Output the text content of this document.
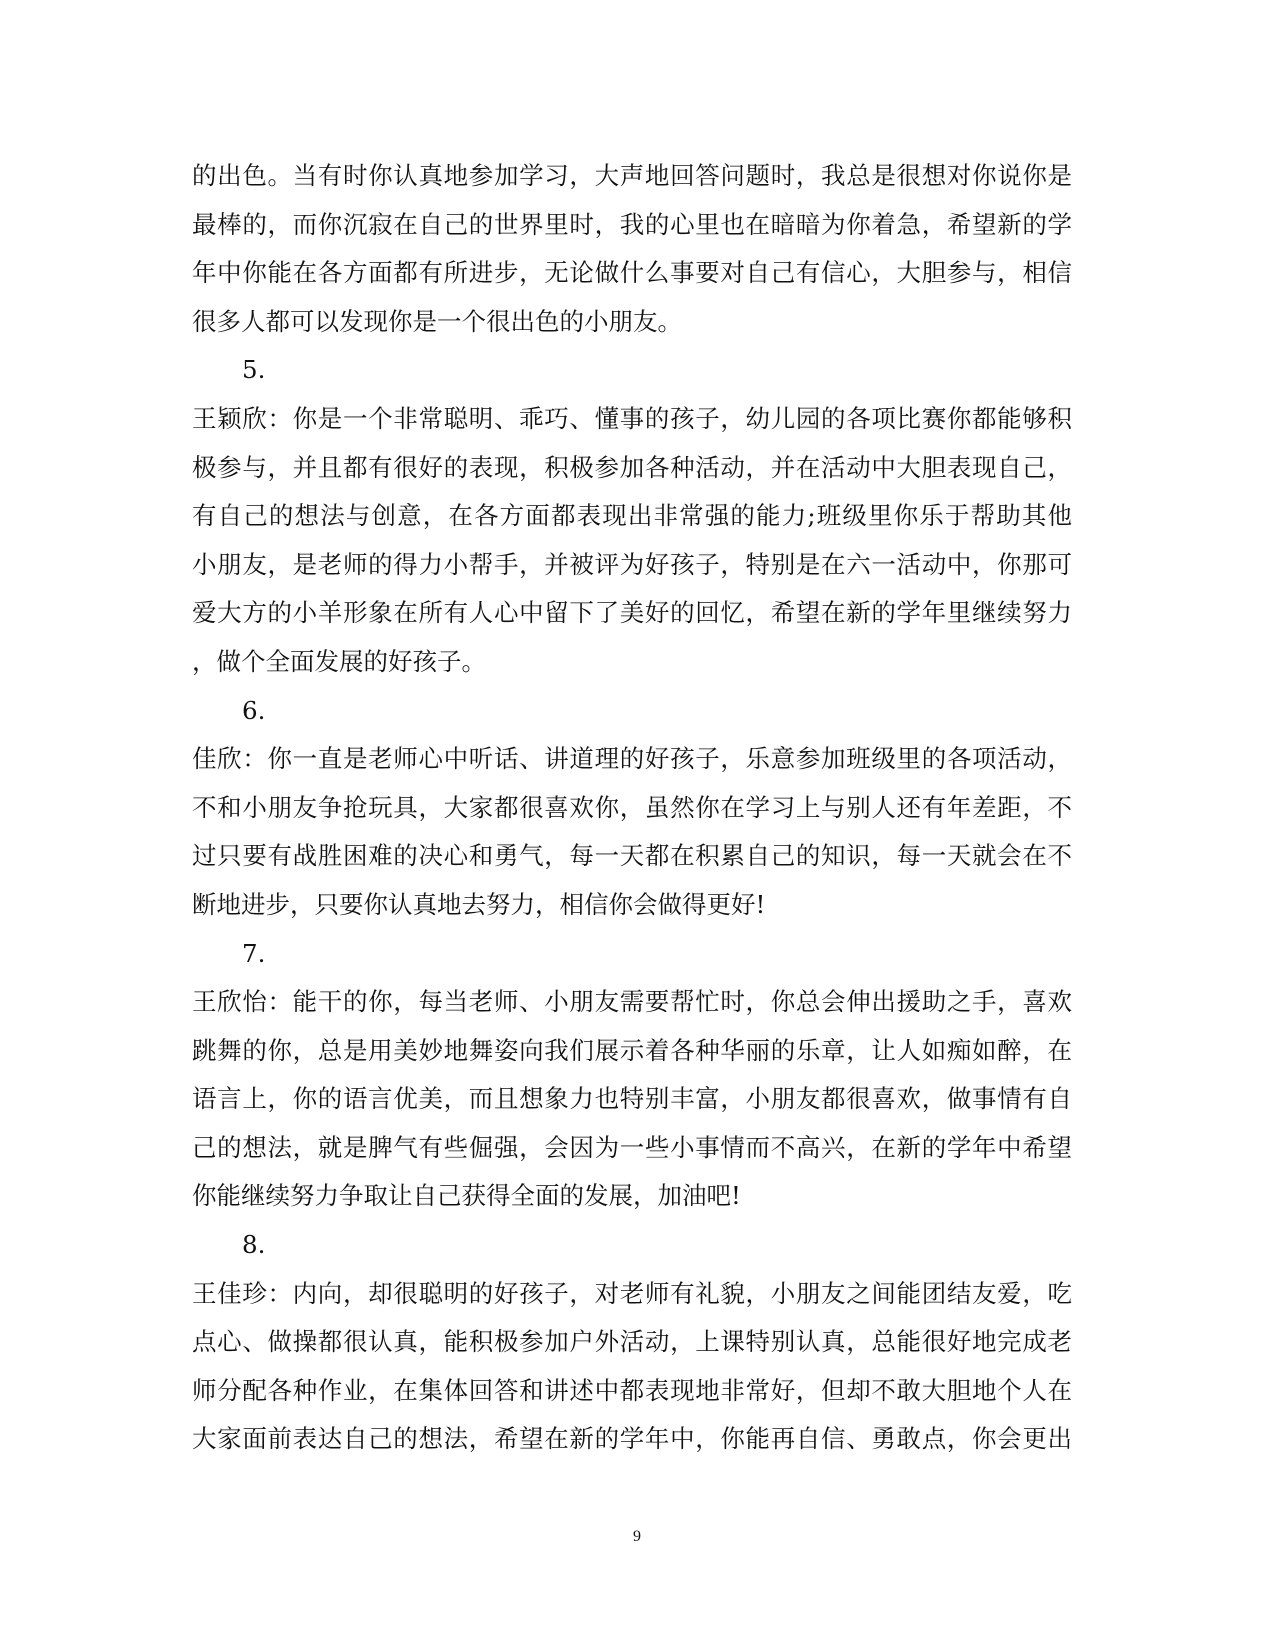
的出色。当有时你认真地参加学习，大声地回答问题时，我总是很想对你说你是
最棒的，而你沉寂在自己的世界里时，我的心里也在暗暗为你着急，希望新的学
年中你能在各方面都有所进步，无论做什么事要对自己有信心，大胆参与，相信
很多人都可以发现你是一个很出色的小朋友。
5.
王颖欣：你是一个非常聪明、乖巧、懂事的孩子，幼儿园的各项比赛你都能够积
极参与，并且都有很好的表现，积极参加各种活动，并在活动中大胆表现自己，
有自己的想法与创意，在各方面都表现出非常强的能力;班级里你乐于帮助其他
小朋友，是老师的得力小帮手，并被评为好孩子，特别是在六一活动中，你那可
爱大方的小羊形象在所有人心中留下了美好的回忆，希望在新的学年里继续努力
，做个全面发展的好孩子。
6.
佳欣：你一直是老师心中听话、讲道理的好孩子，乐意参加班级里的各项活动，
不和小朋友争抢玩具，大家都很喜欢你，虽然你在学习上与别人还有年差距，不
过只要有战胜困难的决心和勇气，每一天都在积累自己的知识，每一天就会在不
断地进步，只要你认真地去努力，相信你会做得更好!
7.
王欣怡：能干的你，每当老师、小朋友需要帮忙时，你总会伸出援助之手，喜欢
跳舞的你，总是用美妙地舞姿向我们展示着各种华丽的乐章，让人如痴如醉，在
语言上，你的语言优美，而且想象力也特别丰富，小朋友都很喜欢，做事情有自
己的想法，就是脾气有些倔强，会因为一些小事情而不高兴，在新的学年中希望
你能继续努力争取让自己获得全面的发展，加油吧!
8.
王佳珍：内向，却很聪明的好孩子，对老师有礼貌，小朋友之间能团结友爱，吃
点心、做操都很认真，能积极参加户外活动，上课特别认真，总能很好地完成老
师分配各种作业，在集体回答和讲述中都表现地非常好，但却不敢大胆地个人在
大家面前表达自己的想法，希望在新的学年中，你能再自信、勇敢点，你会更出
9
